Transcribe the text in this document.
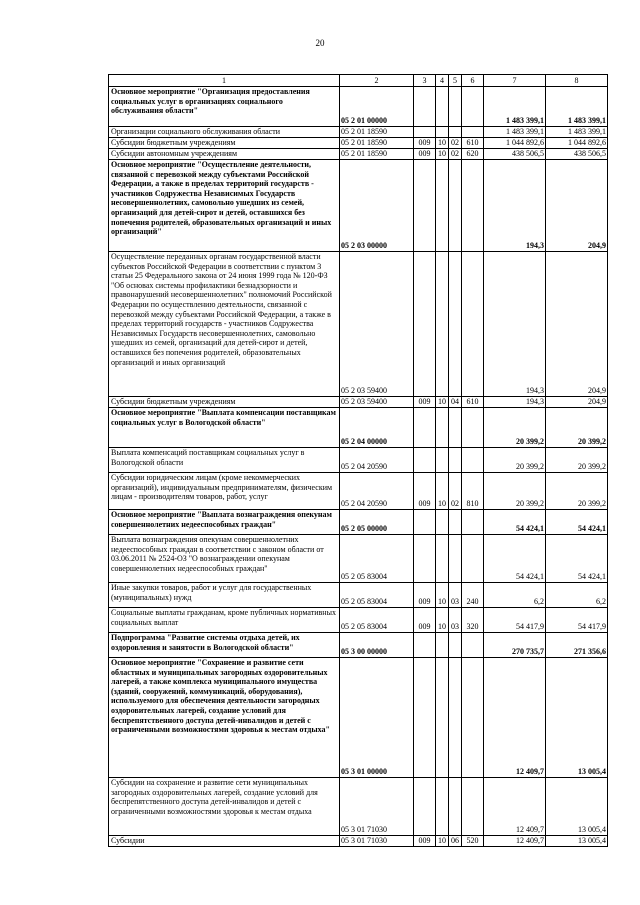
20
1	2	3	4	5	6	7	8
Основное мероприятие "Организация предоставления социальных услуг в организациях социального обслуживания области"	05 2 01 00000					1 483 399,1	1 483 399,1
Организации социального обслуживания области	05 2 01 18590					1 483 399,1	1 483 399,1
Субсидии бюджетным учреждениям	05 2 01 18590	009	10	02	610	1 044 892,6	1 044 892,6
Субсидии автономным учреждениям	05 2 01 18590	009	10	02	620	438 506,5	438 506,5
Основное мероприятие "Осуществление деятельности, связанной с перевозкой между субъектами Российской Федерации, а также в пределах территорий государств - участников Содружества Независимых Государств несовершеннолетних, самовольно ушедших из семей, организаций для детей-сирот и детей, оставшихся без попечения родителей, образовательных организаций и иных организаций"	05 2 03 00000					194,3	204,9
Осуществление переданных органам государственной власти субъектов Российской Федерации в соответствии с пунктом 3 статьи 25 Федерального закона от 24 июня 1999 года № 120-ФЗ "Об основах системы профилактики безнадзорности и правонарушений несовершеннолетних" полномочий Российской Федерации по осуществлению деятельности, связанной с перевозкой между субъектами Российской Федерации, а также в пределах территорий государств - участников Содружества Независимых Государств несовершеннолетних, самовольно ушедших из семей, организаций для детей-сирот и детей, оставшихся без попечения родителей, образовательных организаций и иных организаций	05 2 03 59400					194,3	204,9
Субсидии бюджетным учреждениям	05 2 03 59400	009	10	04	610	194,3	204,9
Основное мероприятие "Выплата компенсации поставщикам социальных услуг в Вологодской области"	05 2 04 00000					20 399,2	20 399,2
Выплата компенсаций поставщикам социальных услуг в Вологодской области	05 2 04 20590					20 399,2	20 399,2
Субсидии юридическим лицам (кроме некоммерческих организаций), индивидуальным предпринимателям, физическим лицам - производителям товаров, работ, услуг	05 2 04 20590	009	10	02	810	20 399,2	20 399,2
Основное мероприятие "Выплата вознаграждения опекунам совершеннолетних недееспособных граждан"	05 2 05 00000					54 424,1	54 424,1
Выплата вознаграждения опекунам совершеннолетних недееспособных граждан в соответствии с законом области от 03.06.2011 № 2524-ОЗ "О вознаграждении опекунам совершеннолетних недееспособных граждан"	05 2 05 83004					54 424,1	54 424,1
Иные закупки товаров, работ и услуг для государственных (муниципальных) нужд	05 2 05 83004	009	10	03	240	6,2	6,2
Социальные выплаты гражданам, кроме публичных нормативных социальных выплат	05 2 05 83004	009	10	03	320	54 417,9	54 417,9
Подпрограмма "Развитие системы отдыха детей, их оздоровления и занятости в Вологодской области"	05 3 00 00000					270 735,7	271 356,6
Основное мероприятие "Сохранение и развитие сети областных и муниципальных загородных оздоровительных лагерей, а также комплекса муниципального имущества (зданий, сооружений, коммуникаций, оборудования), используемого для обеспечения деятельности загородных оздоровительных лагерей, создание условий для беспрепятственного доступа детей-инвалидов и детей с ограниченными возможностями здоровья к местам отдыха"	05 3 01 00000					12 409,7	13 005,4
Субсидии на сохранение и развитие сети муниципальных загородных оздоровительных лагерей, создание условий для беспрепятственного доступа детей-инвалидов и детей с ограниченными возможностями здоровья к местам отдыха	05 3 01 71030					12 409,7	13 005,4
Субсидии	05 3 01 71030	009	10	06	520	12 409,7	13 005,4
